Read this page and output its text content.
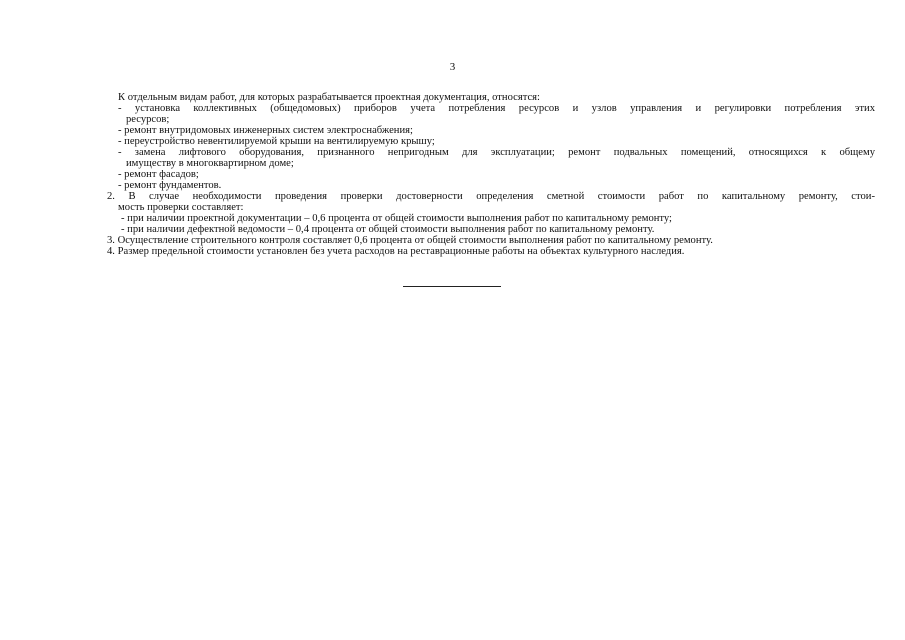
3
К отдельным видам работ, для которых разрабатывается проектная документация, относятся:
- установка коллективных (общедомовых) приборов учета потребления ресурсов и узлов управления и регулировки потребления этих
ресурсов;
- ремонт внутридомовых инженерных систем электроснабжения;
- переустройство невентилируемой крыши на вентилируемую крышу;
- замена лифтового оборудования, признанного непригодным для эксплуатации; ремонт подвальных помещений, относящихся к общему
имуществу в многоквартирном доме;
- ремонт фасадов;
- ремонт фундаментов.
2. В случае необходимости проведения проверки достоверности определения сметной стоимости работ по капитальному ремонту, стои-
мость проверки составляет:
- при наличии проектной документации – 0,6 процента от общей стоимости выполнения работ по капитальному ремонту;
- при наличии дефектной ведомости – 0,4 процента от общей стоимости выполнения работ по капитальному ремонту.
3. Осуществление строительного контроля составляет 0,6 процента от общей стоимости выполнения работ по капитальному ремонту.
4. Размер предельной стоимости установлен без учета расходов на реставрационные работы на объектах культурного наследия.
